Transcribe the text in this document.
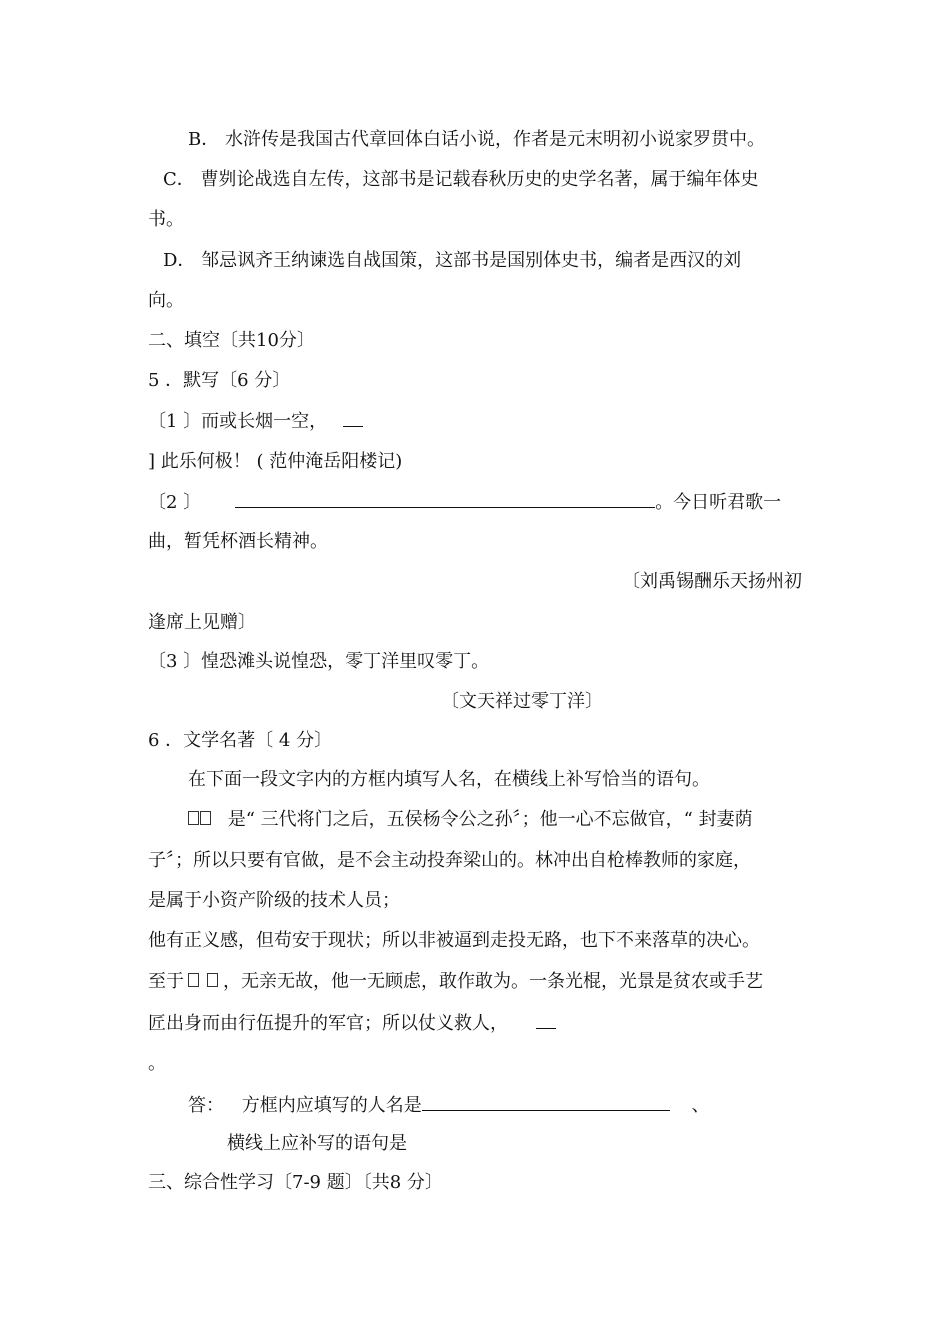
B． 水浒传是我国古代章回体白话小说，作者是元末明初小说家罗贯中。
C． 曹刿论战选自左传，这部书是记载春秋历史的史学名著，属于编年体史
书。
D． 邹忌讽齐王纳谏选自战国策，这部书是国别体史书，编者是西汉的刘
向。
二、填空〔共10分〕
5 ．默写〔6 分〕
〔1 〕而或长烟一空，
] 此乐何极！ ( 范仲淹岳阳楼记)
〔2 〕	。今日听君歌一
曲，暂凭杯酒长精神。
〔刘禹锡酬乐天扬州初
逢席上见赠〕
〔3 〕惶恐滩头说惶恐，零丁洋里叹零丁。
〔文天祥过零丁洋〕
6 ．文学名著〔 4 分〕
在下面一段文字内的方框内填写人名，在横线上补写恰当的语句。
是“ 三代将门之后，五侯杨令公之孙〞；他一心不忘做官，“ 封妻荫
子〞；所以只要有官做，是不会主动投奔梁山的。林冲出自枪棒教师的家庭，
是属于小资产阶级的技术人员；
他有正义感，但苟安于现状；所以非被逼到走投无路，也下不来落草的决心。
至于 ，无亲无故，他一无顾虑，敢作敢为。一条光棍，光景是贫农或手艺
匠出身而由行伍提升的军官；所以仗义救人，
。
答： 方框内应填写的人名是	、
横线上应补写的语句是
三、综合性学习〔7-9 题〕〔共8 分〕
